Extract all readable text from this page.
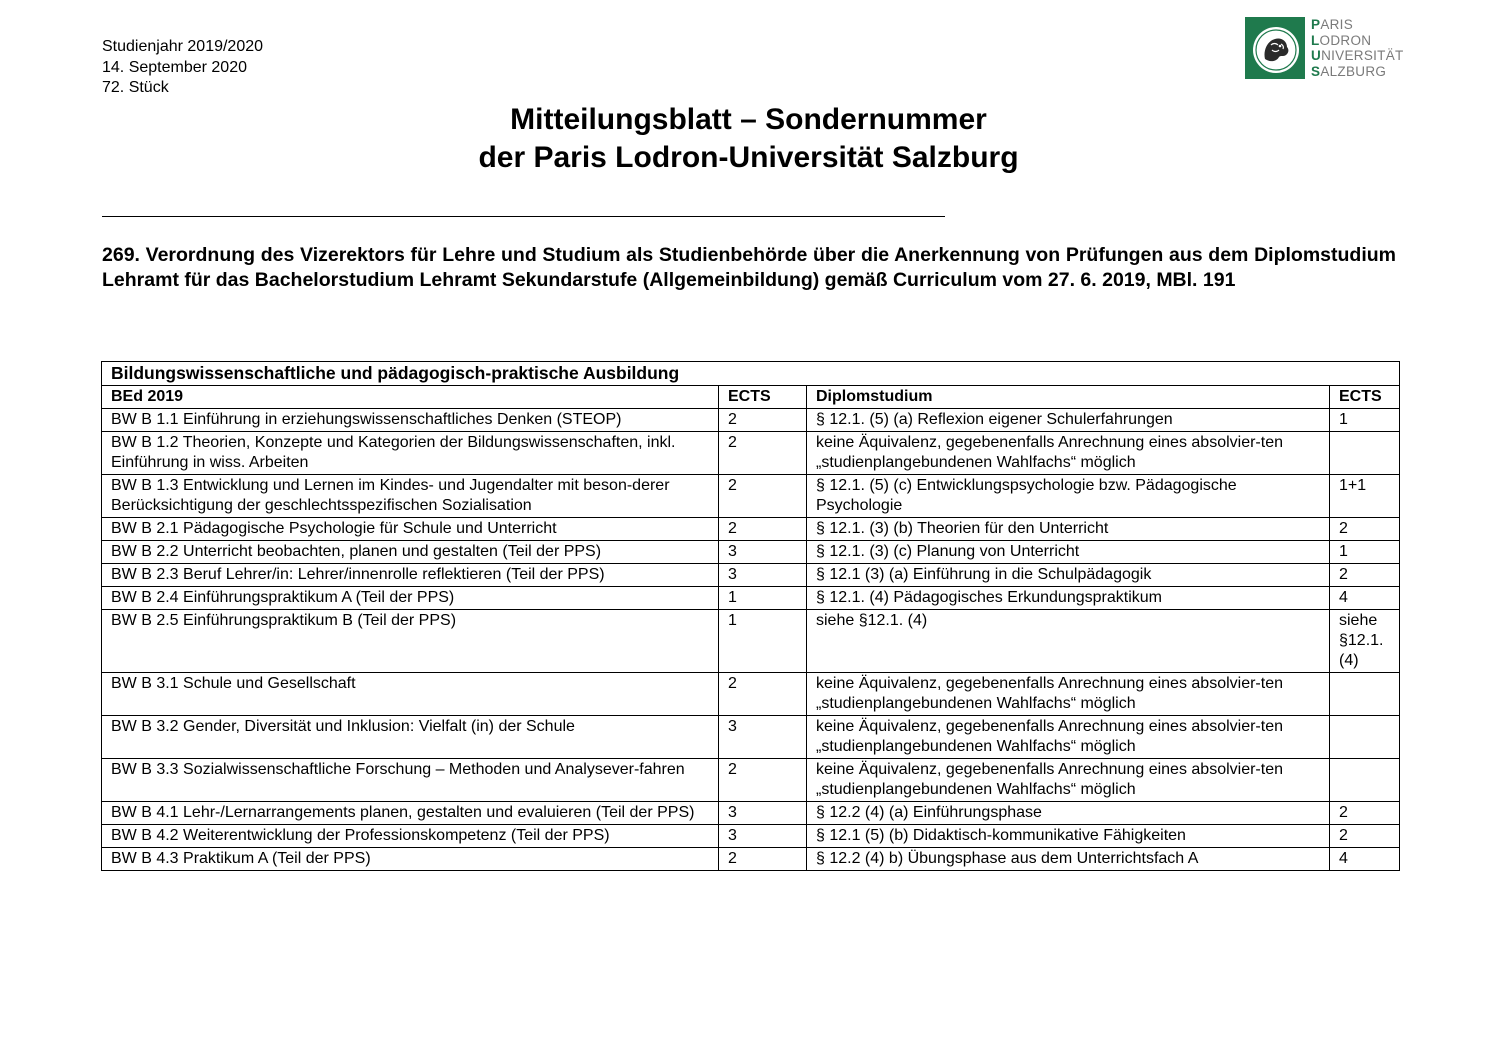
Studienjahr 2019/2020
14. September 2020
72. Stück
PARIS
LODRON
UNIVERSITÄT
SALZBURG
Mitteilungsblatt – Sondernummer
der Paris Lodron-Universität Salzburg
269. Verordnung des Vizerektors für Lehre und Studium als Studienbehörde über die Anerkennung von Prüfungen aus dem Diplomstudium Lehramt für das Bachelorstudium Lehramt Sekundarstufe (Allgemeinbildung) gemäß Curriculum vom 27. 6. 2019, MBl. 191
Bildungswissenschaftliche und pädagogisch-praktische Ausbildung			
BEd 2019	ECTS	Diplomstudium	ECTS
BW B 1.1 Einführung in erziehungswissenschaftliches Denken (STEOP)	2	§ 12.1. (5) (a) Reflexion eigener Schulerfahrungen	1
BW B 1.2 Theorien, Konzepte und Kategorien der Bildungswissenschaften, inkl. Einführung in wiss. Arbeiten	2	keine Äquivalenz, gegebenenfalls Anrechnung eines absolvier-ten „studienplangebundenen Wahlfachs“ möglich	
BW B 1.3 Entwicklung und Lernen im Kindes- und Jugendalter mit beson-derer Berücksichtigung der geschlechtsspezifischen Sozialisation	2	§ 12.1. (5) (c) Entwicklungspsychologie bzw. Pädagogische Psychologie	1+1
BW B 2.1 Pädagogische Psychologie für Schule und Unterricht	2	§ 12.1. (3) (b) Theorien für den Unterricht	2
BW B 2.2 Unterricht beobachten, planen und gestalten (Teil der PPS)	3	§ 12.1. (3) (c) Planung von Unterricht	1
BW B 2.3 Beruf Lehrer/in: Lehrer/innenrolle reflektieren (Teil der PPS)	3	§ 12.1 (3) (a) Einführung in die Schulpädagogik	2
BW B 2.4 Einführungspraktikum A (Teil der PPS)	1	§ 12.1. (4) Pädagogisches Erkundungspraktikum	4
BW B 2.5 Einführungspraktikum B (Teil der PPS)	1	siehe §12.1. (4)	siehe §12.1. (4)
BW B 3.1 Schule und Gesellschaft	2	keine Äquivalenz, gegebenenfalls Anrechnung eines absolvier-ten „studienplangebundenen Wahlfachs“ möglich	
BW B 3.2 Gender, Diversität und Inklusion: Vielfalt (in) der Schule	3	keine Äquivalenz, gegebenenfalls Anrechnung eines absolvier-ten „studienplangebundenen Wahlfachs“ möglich	
BW B 3.3 Sozialwissenschaftliche Forschung – Methoden und Analysever-fahren	2	keine Äquivalenz, gegebenenfalls Anrechnung eines absolvier-ten „studienplangebundenen Wahlfachs“ möglich	
BW B 4.1 Lehr-/Lernarrangements planen, gestalten und evaluieren (Teil der PPS)	3	§ 12.2 (4) (a) Einführungsphase	2
BW B 4.2 Weiterentwicklung der Professionskompetenz (Teil der PPS)	3	§ 12.1 (5) (b) Didaktisch-kommunikative Fähigkeiten	2
BW B 4.3 Praktikum A (Teil der PPS)	2	§ 12.2 (4) b) Übungsphase aus dem Unterrichtsfach A	4
